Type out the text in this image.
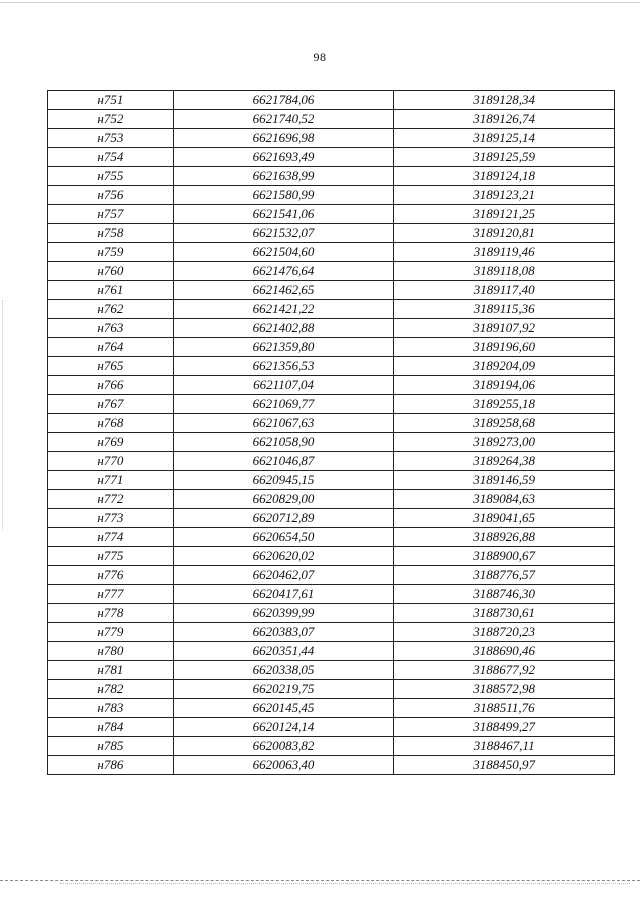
98
н751	6621784,06	3189128,34
н752	6621740,52	3189126,74
н753	6621696,98	3189125,14
н754	6621693,49	3189125,59
н755	6621638,99	3189124,18
н756	6621580,99	3189123,21
н757	6621541,06	3189121,25
н758	6621532,07	3189120,81
н759	6621504,60	3189119,46
н760	6621476,64	3189118,08
н761	6621462,65	3189117,40
н762	6621421,22	3189115,36
н763	6621402,88	3189107,92
н764	6621359,80	3189196,60
н765	6621356,53	3189204,09
н766	6621107,04	3189194,06
н767	6621069,77	3189255,18
н768	6621067,63	3189258,68
н769	6621058,90	3189273,00
н770	6621046,87	3189264,38
н771	6620945,15	3189146,59
н772	6620829,00	3189084,63
н773	6620712,89	3189041,65
н774	6620654,50	3188926,88
н775	6620620,02	3188900,67
н776	6620462,07	3188776,57
н777	6620417,61	3188746,30
н778	6620399,99	3188730,61
н779	6620383,07	3188720,23
н780	6620351,44	3188690,46
н781	6620338,05	3188677,92
н782	6620219,75	3188572,98
н783	6620145,45	3188511,76
н784	6620124,14	3188499,27
н785	6620083,82	3188467,11
н786	6620063,40	3188450,97
